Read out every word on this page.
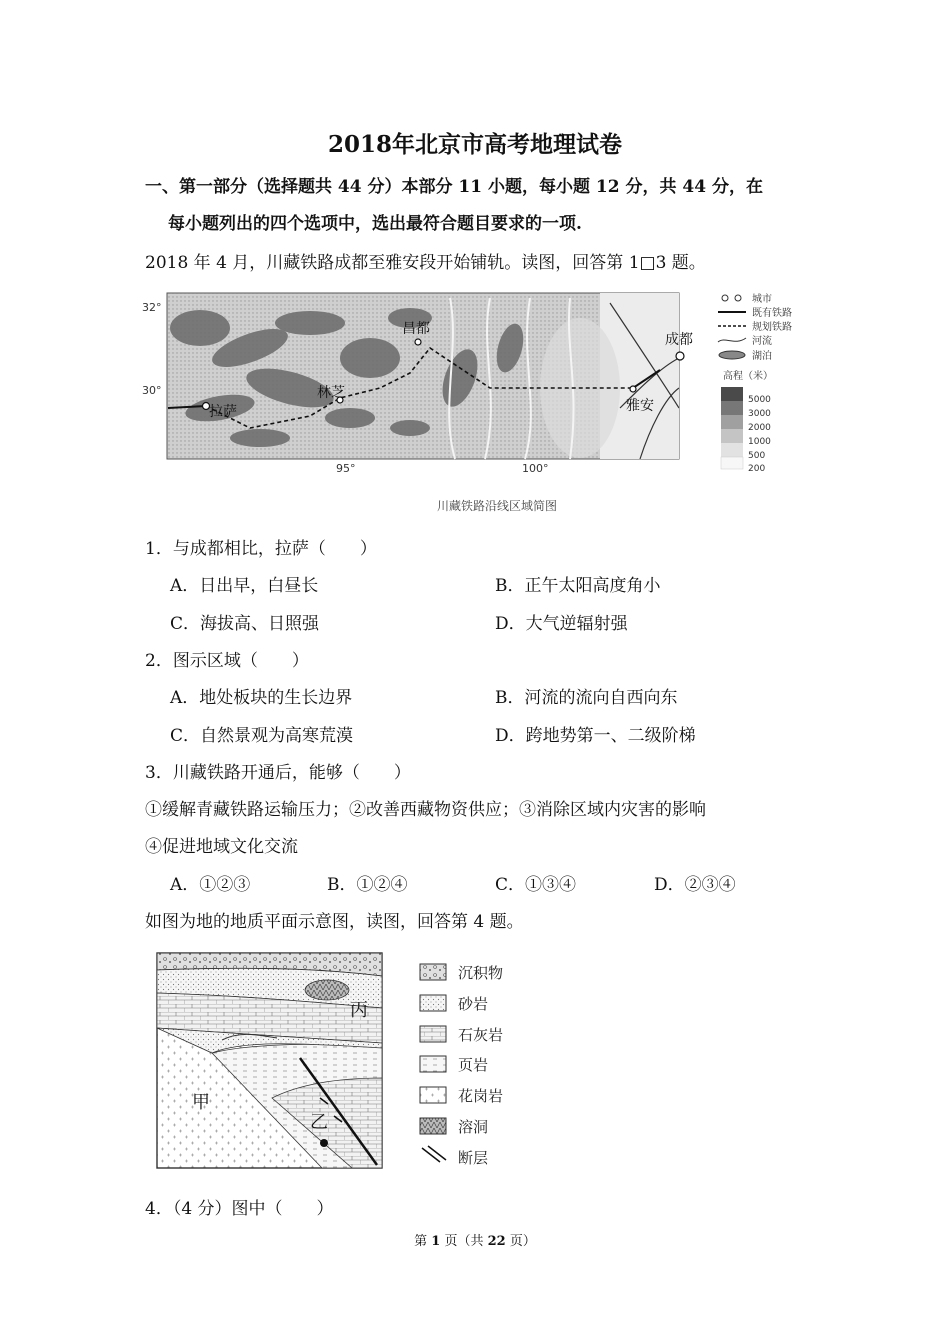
2018年北京市高考地理试卷
一、第一部分（选择题共 44 分）本部分 11 小题，每小题 12 分，共 44 分，在
每小题列出的四个选项中，选出最符合题目要求的一项.
2018 年 4 月，川藏铁路成都至雅安段开始铺轨。读图，回答第 1□3 题。
拉萨
林芝
昌都
成都
雅安
32°
30°
95°	100°
城市
既有铁路
规划铁路
河流
湖泊
高程（米）
5000
3000
2000
1000
500
200
川藏铁路沿线区域简图
1．与成都相比，拉萨（　　）
A．日出早，白昼长	B．正午太阳高度角小
C．海拔高、日照强	D．大气逆辐射强
2．图示区域（　　）
A．地处板块的生长边界	B．河流的流向自西向东
C．自然景观为高寒荒漠	D．跨地势第一、二级阶梯
3．川藏铁路开通后，能够（　　）
①缓解青藏铁路运输压力；②改善西藏物资供应；③消除区域内灾害的影响
④促进地域文化交流
A．①②③	B．①②④	C．①③④	D．②③④
如图为地的地质平面示意图，读图，回答第 4 题。
丙
甲
乙
沉积物
砂岩
石灰岩
页岩
花岗岩
溶洞
断层
4．（4 分）图中（　　）
第 1 页（共 22 页）
